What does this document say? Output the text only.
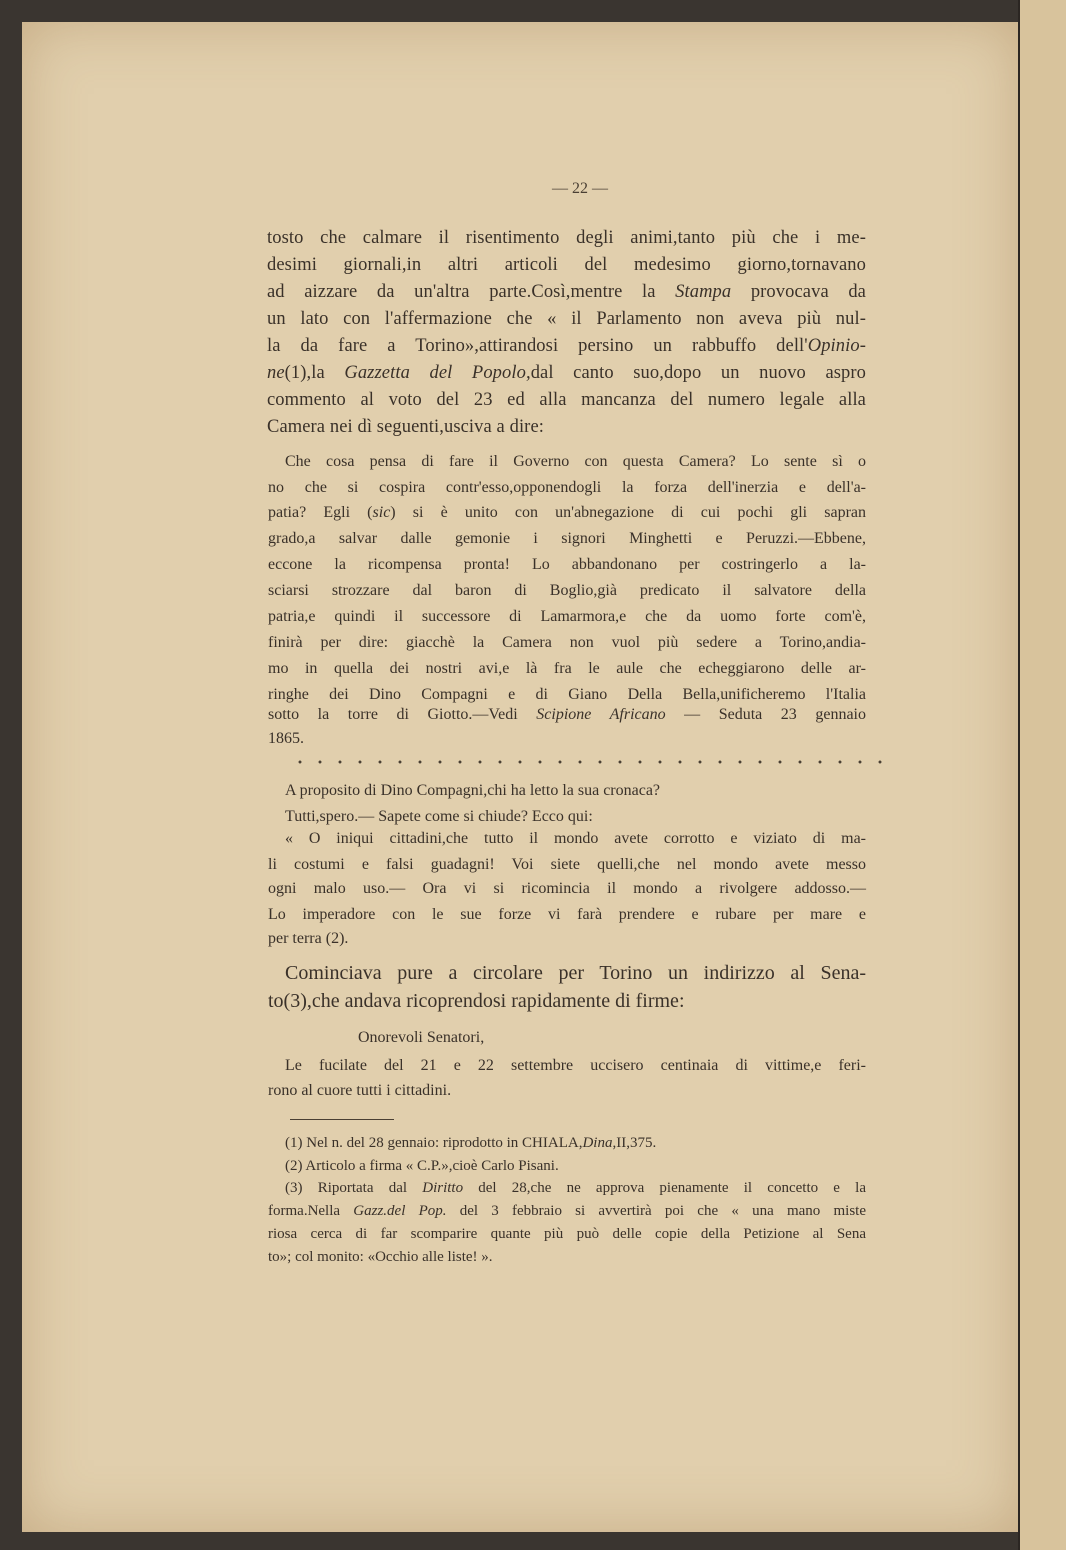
— 22 —
tosto che calmare il risentimento degli animi,tanto più che i me-
desimi giornali,in altri articoli del medesimo giorno,tornavano
ad aizzare da un'altra parte.Così,mentre la Stampa provocava da
un lato con l'affermazione che « il Parlamento non aveva più nul-
la da fare a Torino»,attirandosi persino un rabbuffo dell'Opinio-
ne(1),la Gazzetta del Popolo,dal canto suo,dopo un nuovo aspro
commento al voto del 23 ed alla mancanza del numero legale alla
Camera nei dì seguenti,usciva a dire:
Che cosa pensa di fare il Governo con questa Camera? Lo sente sì o
no che si cospira contr'esso,opponendogli la forza dell'inerzia e dell'a-
patia? Egli (sic) si è unito con un'abnegazione di cui pochi gli sapran
grado,a salvar dalle gemonie i signori Minghetti e Peruzzi.—Ebbene,
eccone la ricompensa pronta! Lo abbandonano per costringerlo a la-
sciarsi strozzare dal baron di Boglio,già predicato il salvatore della
patria,e quindi il successore di Lamarmora,e che da uomo forte com'è,
finirà per dire: giacchè la Camera non vuol più sedere a Torino,andia-
mo in quella dei nostri avi,e là fra le aule che echeggiarono delle ar-
ringhe dei Dino Compagni e di Giano Della Bella,unificheremo l'Italia
sotto la torre di Giotto.—Vedi Scipione Africano — Seduta 23 gennaio
1865.
A proposito di Dino Compagni,chi ha letto la sua cronaca?
Tutti,spero.— Sapete come si chiude? Ecco qui:
« O iniqui cittadini,che tutto il mondo avete corrotto e viziato di ma-
li costumi e falsi guadagni! Voi siete quelli,che nel mondo avete messo
ogni malo uso.— Ora vi si ricomincia il mondo a rivolgere addosso.—
Lo imperadore con le sue forze vi farà prendere e rubare per mare e
per terra (2).
Cominciava pure a circolare per Torino un indirizzo al Sena-
to(3),che andava ricoprendosi rapidamente di firme:
Onorevoli Senatori,
Le fucilate del 21 e 22 settembre uccisero centinaia di vittime,e feri-
rono al cuore tutti i cittadini.
(1) Nel n. del 28 gennaio: riprodotto in CHIALA,Dina,II,375.
(2) Articolo a firma « C.P.»,cioè Carlo Pisani.
(3) Riportata dal Diritto del 28,che ne approva pienamente il concetto e la
forma.Nella Gazz.del Pop. del 3 febbraio si avvertirà poi che « una mano miste
riosa cerca di far scomparire quante più può delle copie della Petizione al Sena
to»; col monito: «Occhio alle liste! ».
